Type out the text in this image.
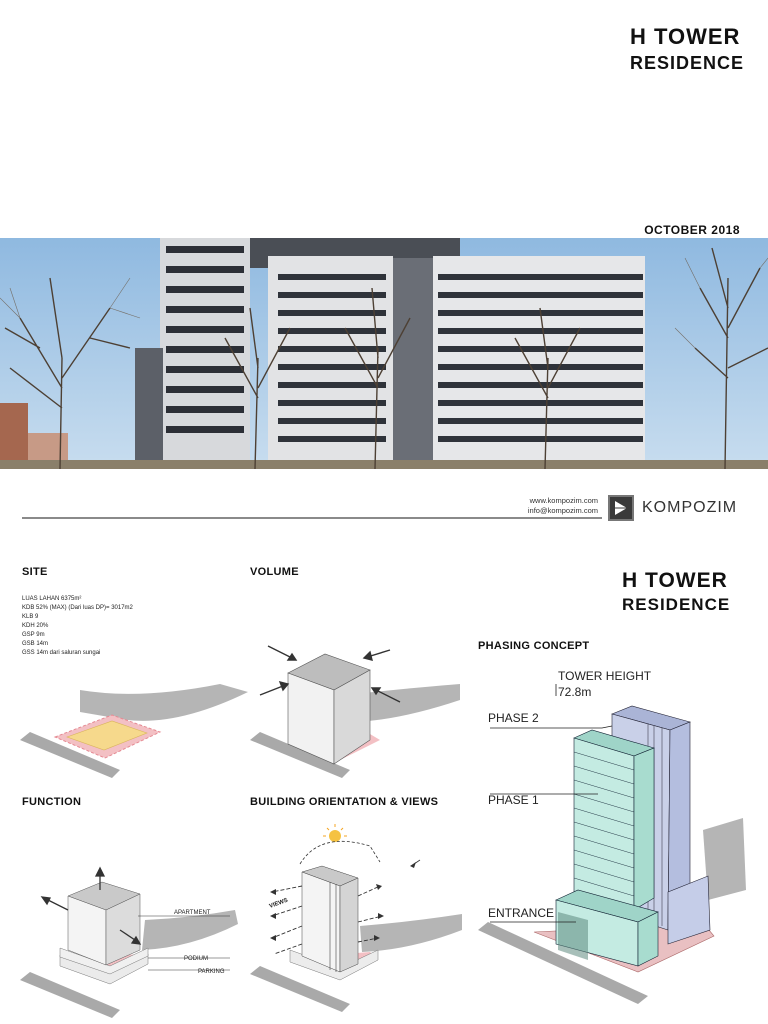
H TOWER
RESIDENCE
OCTOBER 2018
www.kompozim.com
info@kompozim.com	KOMPOZIM
SITE	VOLUME	H TOWER
RESIDENCE
PHASING CONCEPT
LUAS LAHAN 6375m²
KDB 52% (MAX) (Dari luas DP)= 3017m2
KLB 9
KDH 20%
GSP 9m
GSB 14m
GSS 14m dari saluran sungai
FUNCTION
APARTMENT
PODIUM
PARKING
BUILDING ORIENTATION & VIEWS
VIEWS
TOWER HEIGHT
72.8m
PHASE 2
PHASE 1
ENTRANCE
